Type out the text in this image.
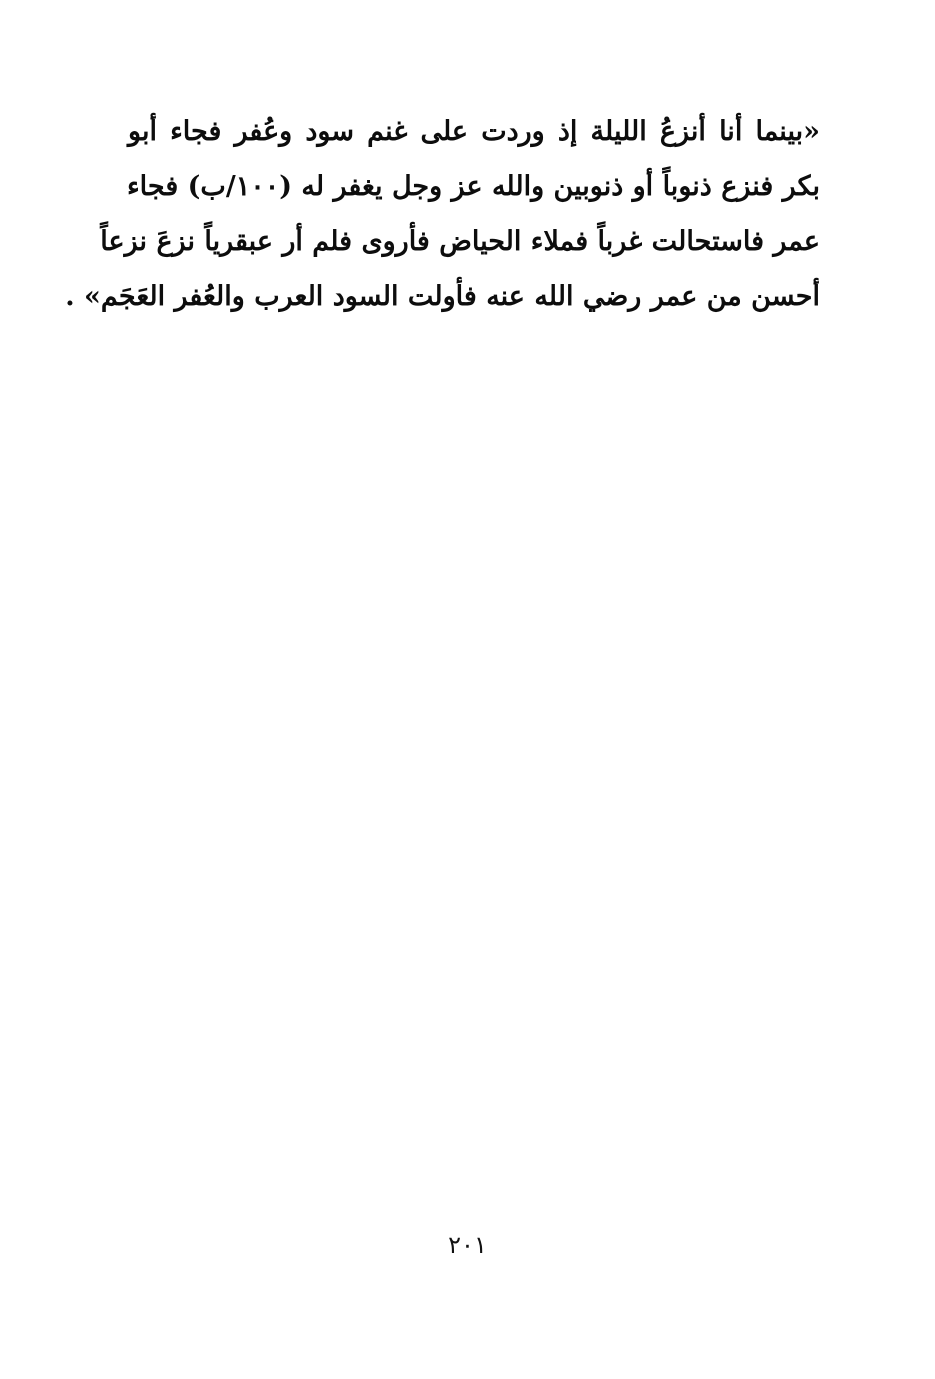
«بينما أنا أنزعُ الليلة إذ وردت على غنم سود وعُفر فجاء أبو
بكر فنزع ذنوباً أو ذنوبين والله عز وجل يغفر له (١٠٠/ب) فجاء
عمر فاستحالت غرباً فملاء الحياض فأروى فلم أر عبقرياً نزعَ نزعاً
أحسن من عمر رضي الله عنه فأولت السود العرب والعُفر العَجَم» .
٢٠١
